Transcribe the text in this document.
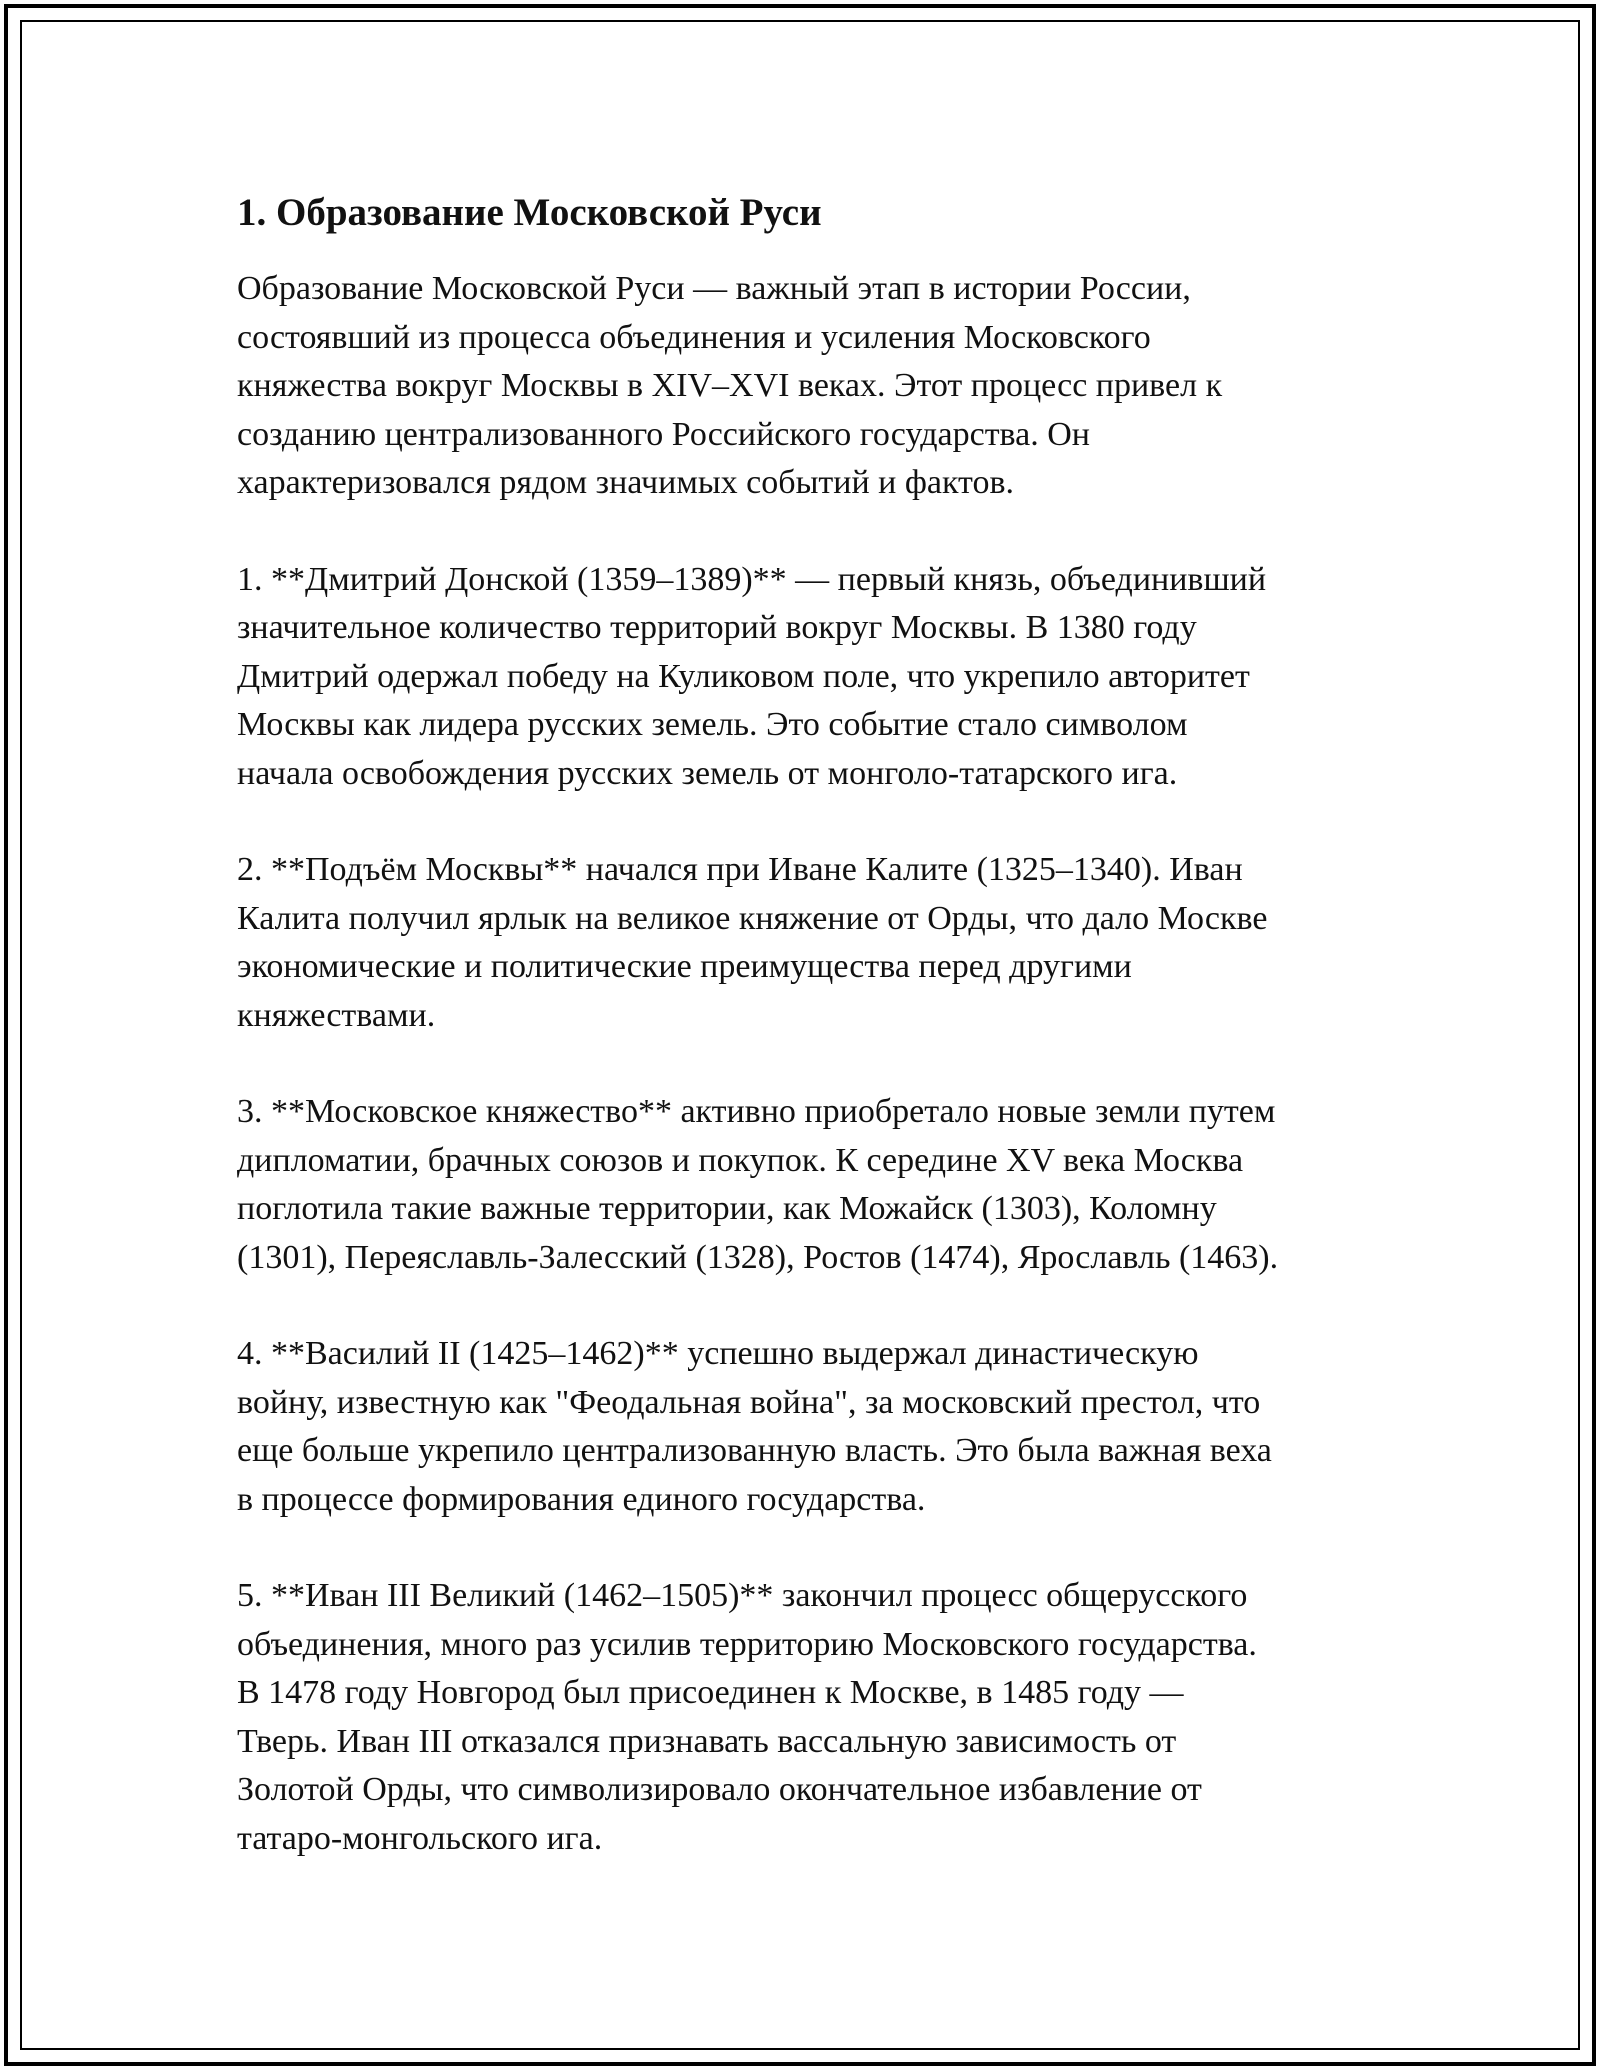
1. Образование Московской Руси

Образование Московской Руси — важный этап в истории России,
состоявший из процесса объединения и усиления Московского
княжества вокруг Москвы в XIV–XVI веках. Этот процесс привел к
созданию централизованного Российского государства. Он
характеризовался рядом значимых событий и фактов.

1. **Дмитрий Донской (1359–1389)** — первый князь, объединивший
значительное количество территорий вокруг Москвы. В 1380 году
Дмитрий одержал победу на Куликовом поле, что укрепило авторитет
Москвы как лидера русских земель. Это событие стало символом
начала освобождения русских земель от монголо-татарского ига.

2. **Подъём Москвы** начался при Иване Калите (1325–1340). Иван
Калита получил ярлык на великое княжение от Орды, что дало Москве
экономические и политические преимущества перед другими
княжествами.

3. **Московское княжество** активно приобретало новые земли путем
дипломатии, брачных союзов и покупок. К середине XV века Москва
поглотила такие важные территории, как Можайск (1303), Коломну
(1301), Переяславль-Залесский (1328), Ростов (1474), Ярославль (1463).

4. **Василий II (1425–1462)** успешно выдержал династическую
войну, известную как "Феодальная война", за московский престол, что
еще больше укрепило централизованную власть. Это была важная веха
в процессе формирования единого государства.

5. **Иван III Великий (1462–1505)** закончил процесс общерусского
объединения, много раз усилив территорию Московского государства.
В 1478 году Новгород был присоединен к Москве, в 1485 году —
Тверь. Иван III отказался признавать вассальную зависимость от
Золотой Орды, что символизировало окончательное избавление от
татаро-монгольского ига.
